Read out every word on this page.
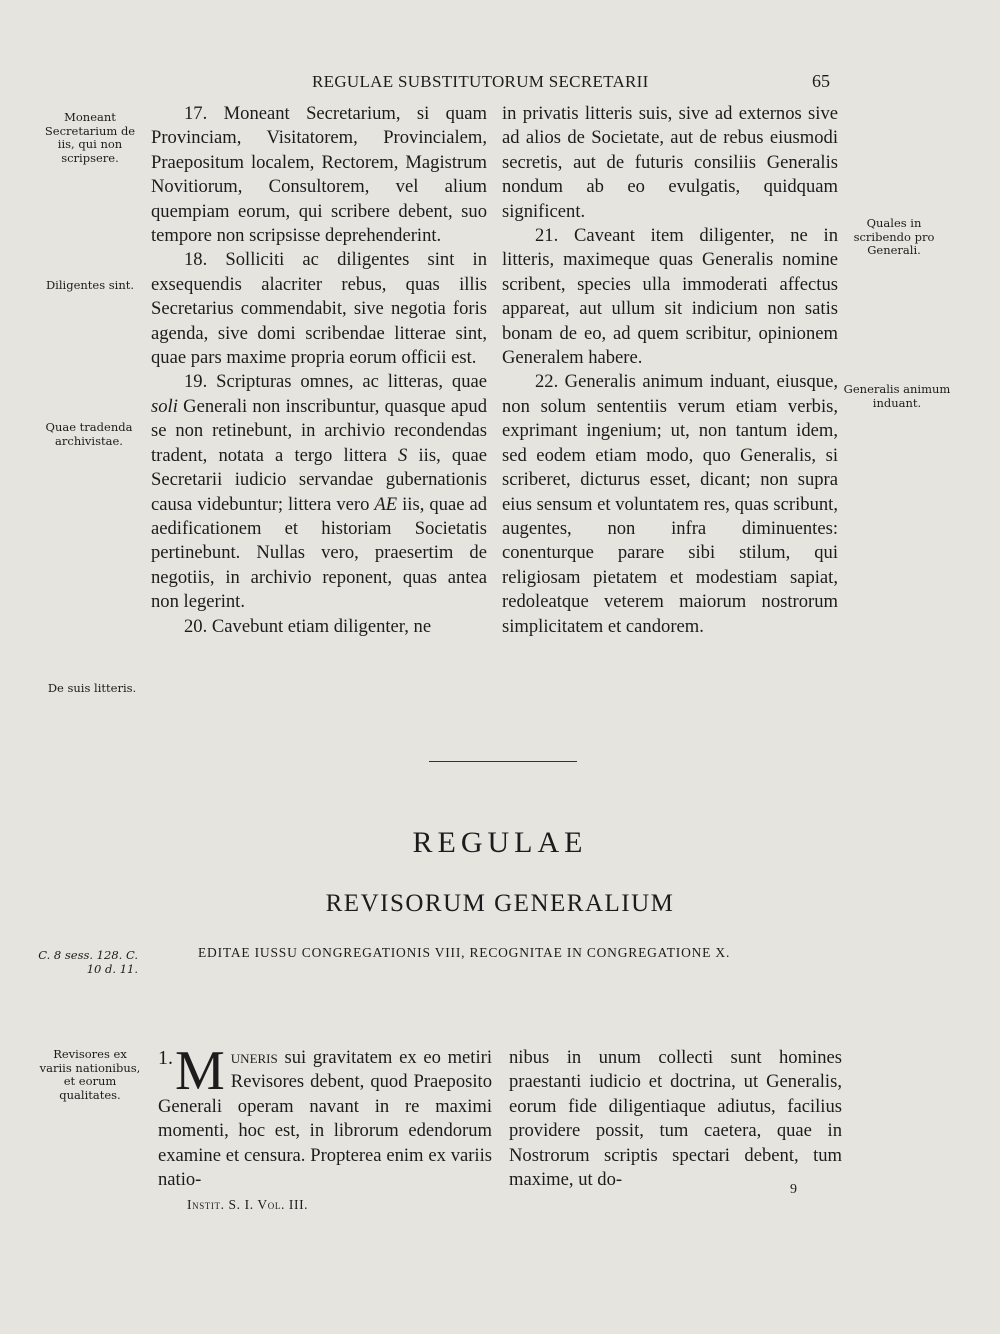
REGULAE SUBSTITUTORUM SECRETARII	65
Moneant Secretarium de iis, qui non scripsere.
Diligentes sint.
Quae tradenda archivistae.
De suis litteris.
Quales in scribendo pro Generali.
Generalis animum induant.
C. 8 sess. 128. C. 10 d. 11.
Revisores ex variis nationibus, et eorum qualitates.

17. Moneant Secretarium, si quam Provinciam, Visitatorem, Provincialem, Praepositum localem, Rectorem, Magistrum Novitiorum, Consultorem, vel alium quempiam eorum, qui scribere debent, suo tempore non scripsisse deprehenderint.

18. Solliciti ac diligentes sint in exsequendis alacriter rebus, quas illis Secretarius commendabit, sive negotia foris agenda, sive domi scribendae litterae sint, quae pars maxime propria eorum officii est.

19. Scripturas omnes, ac litteras, quae soli Generali non inscribuntur, quasque apud se non retinebunt, in archivio recondendas tradent, notata a tergo littera S iis, quae Secretarii iudicio servandae gubernationis causa videbuntur; littera vero AE iis, quae ad aedificationem et historiam Societatis pertinebunt. Nullas vero, praesertim de negotiis, in archivio reponent, quas antea non legerint.

20. Cavebunt etiam diligenter, ne

in privatis litteris suis, sive ad externos sive ad alios de Societate, aut de rebus eiusmodi secretis, aut de futuris consiliis Generalis nondum ab eo evulgatis, quidquam significent.

21. Caveant item diligenter, ne in litteris, maximeque quas Generalis nomine scribent, species ulla immoderati affectus appareat, aut ullum sit indicium non satis bonam de eo, ad quem scribitur, opinionem Generalem habere.

22. Generalis animum induant, eiusque, non solum sententiis verum etiam verbis, exprimant ingenium; ut, non tantum idem, sed eodem etiam modo, quo Generalis, si scriberet, dicturus esset, dicant; non supra eius sensum et voluntatem res, quas scribunt, augentes, non infra diminuentes: conenturque parare sibi stilum, qui religiosam pietatem et modestiam sapiat, redoleatque veterem maiorum nostrorum simplicitatem et candorem.

REGULAE
REVISORUM GENERALIUM
EDITAE IUSSU CONGREGATIONIS VIII, RECOGNITAE IN CONGREGATIONE X.

1. M uneris sui gravitatem ex eo metiri Revisores debent, quod Praeposito Generali operam navant in re maximi momenti, hoc est, in librorum edendorum examine et censura. Propterea enim ex variis natio-

nibus in unum collecti sunt homines praestanti iudicio et doctrina, ut Generalis, eorum fide diligentiaque adiutus, facilius providere possit, tum caetera, quae in Nostrorum scriptis spectari debent, tum maxime, ut do-

Instit. S. I. Vol. III.
9
